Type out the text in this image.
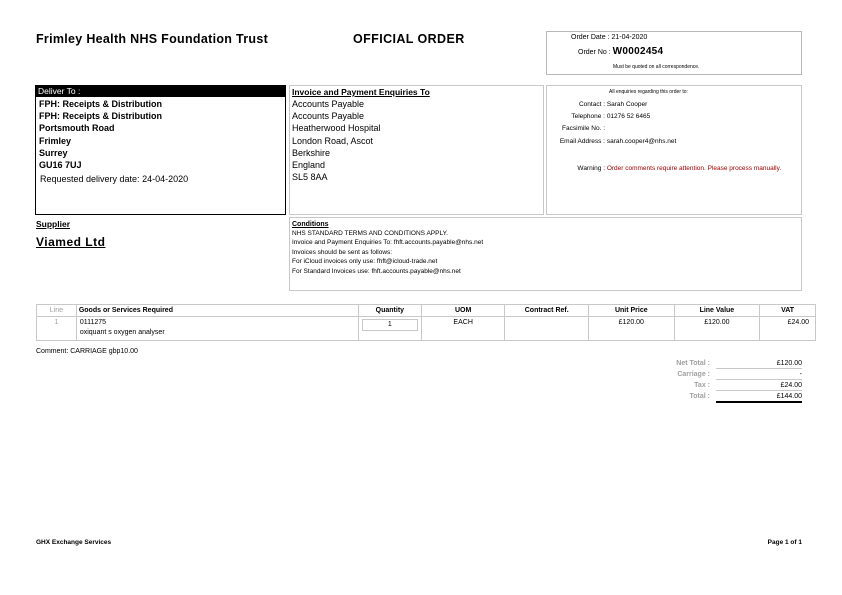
Frimley Health NHS Foundation Trust	OFFICIAL ORDER	Order Date : 21-04-2020
Order No : W0002454
Must be quoted on all correspondence.
Deliver To :
FPH: Receipts & Distribution
FPH: Receipts & Distribution
Portsmouth Road
Frimley
Surrey
GU16 7UJ
Requested delivery date: 24-04-2020
Invoice and Payment Enquiries To
Accounts Payable
Accounts Payable
Heatherwood Hospital
London Road, Ascot
Berkshire
England
SL5 8AA
All enquiries regarding this order to:
Contact : Sarah Cooper
Telephone : 01276 52 6465
Facsimile No. :
Email Address : sarah.cooper4@nhs.net
Warning : Order comments require attention. Please process manually.
Supplier
Viamed Ltd
Conditions
NHS STANDARD TERMS AND CONDITIONS APPLY.
Invoice and Payment Enquiries To: fhft.accounts.payable@nhs.net
Invoices should be sent as follows:
For iCloud invoices only use: fhft@icloud-trade.net
For Standard Invoices use: fhft.accounts.payable@nhs.net
Line	Goods or Services Required	Quantity	UOM	Contract Ref.	Unit Price	Line Value	VAT
1	0111275
oxiquant s oxygen analyser	1	EACH		£120.00	£120.00	£24.00
Comment: CARRIAGE gbp10.00
Net Total :	£120.00
Carriage :	-
Tax :	£24.00
Total :	£144.00
GHX Exchange Services	Page 1 of 1
